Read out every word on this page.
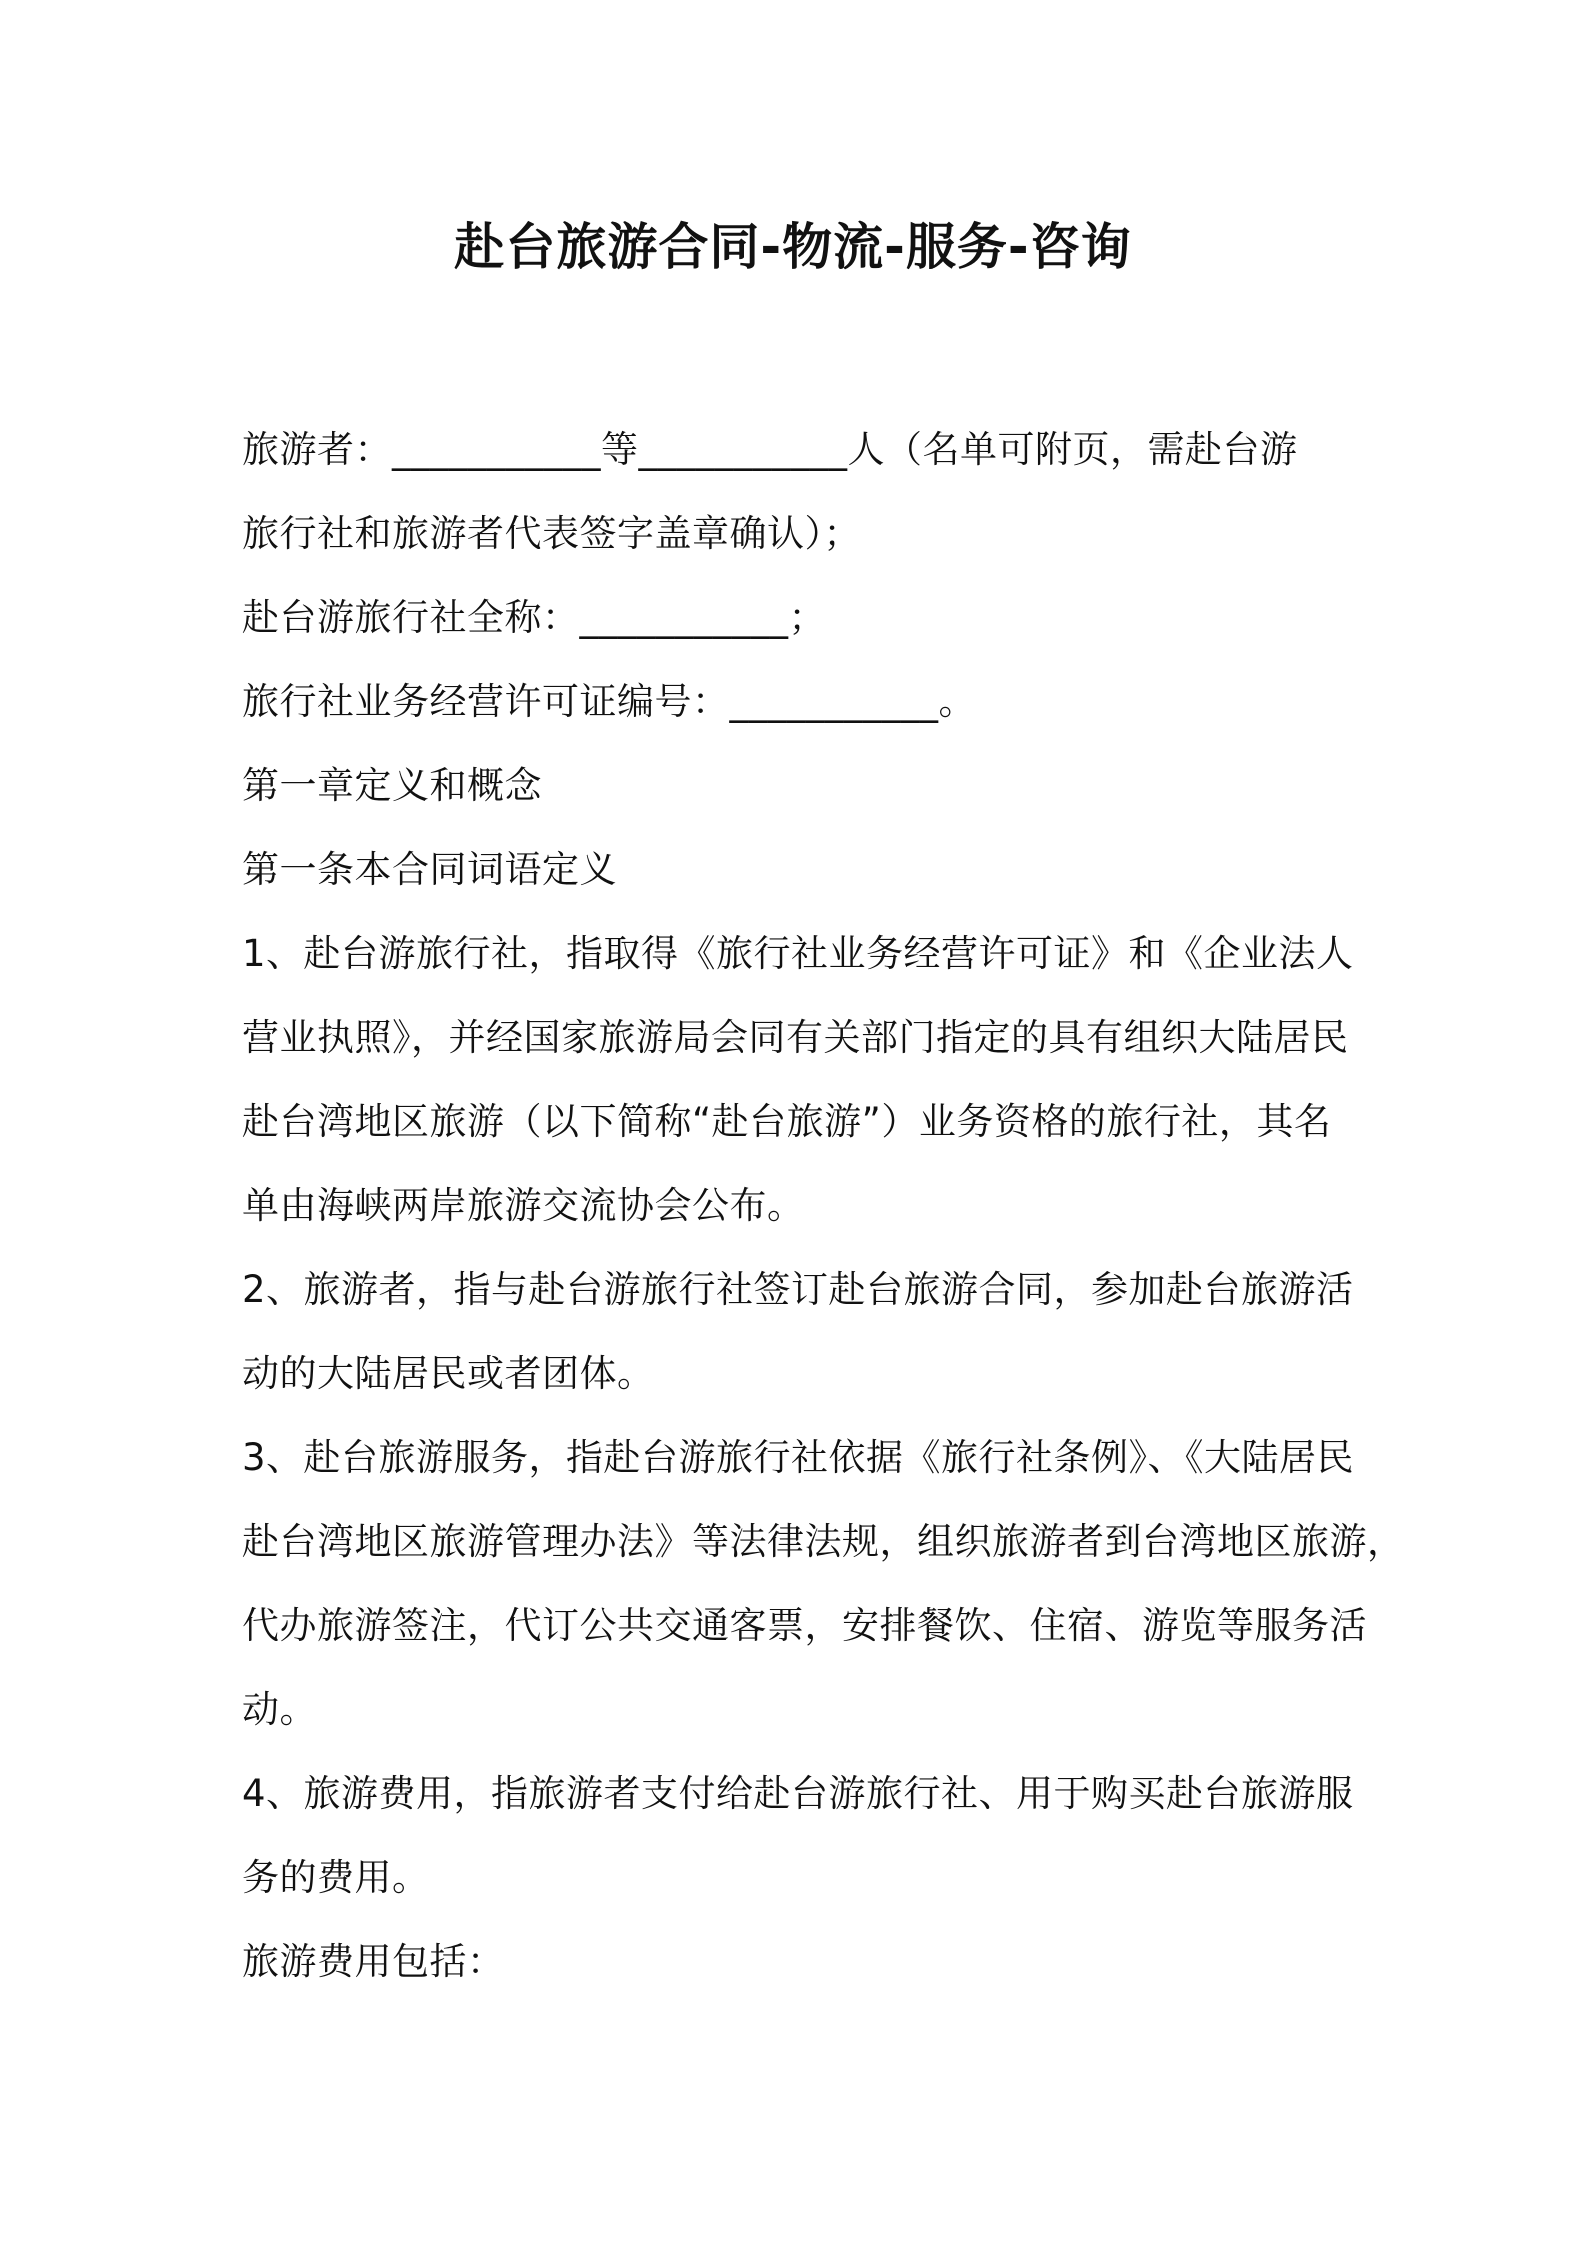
赴台旅游合同-物流-服务-咨询
旅游者：___________等___________人（名单可附页，需赴台游
旅行社和旅游者代表签字盖章确认）；
赴台游旅行社全称：___________；
旅行社业务经营许可证编号：___________。
第一章定义和概念
第一条本合同词语定义
1、赴台游旅行社，指取得《旅行社业务经营许可证》和《企业法人
营业执照》，并经国家旅游局会同有关部门指定的具有组织大陆居民
赴台湾地区旅游（以下简称“赴台旅游”）业务资格的旅行社，其名
单由海峡两岸旅游交流协会公布。
2、旅游者，指与赴台游旅行社签订赴台旅游合同，参加赴台旅游活
动的大陆居民或者团体。
3、赴台旅游服务，指赴台游旅行社依据《旅行社条例》、《大陆居民
赴台湾地区旅游管理办法》等法律法规，组织旅游者到台湾地区旅游，
代办旅游签注，代订公共交通客票，安排餐饮、住宿、游览等服务活
动。
4、旅游费用，指旅游者支付给赴台游旅行社、用于购买赴台旅游服
务的费用。
旅游费用包括：
